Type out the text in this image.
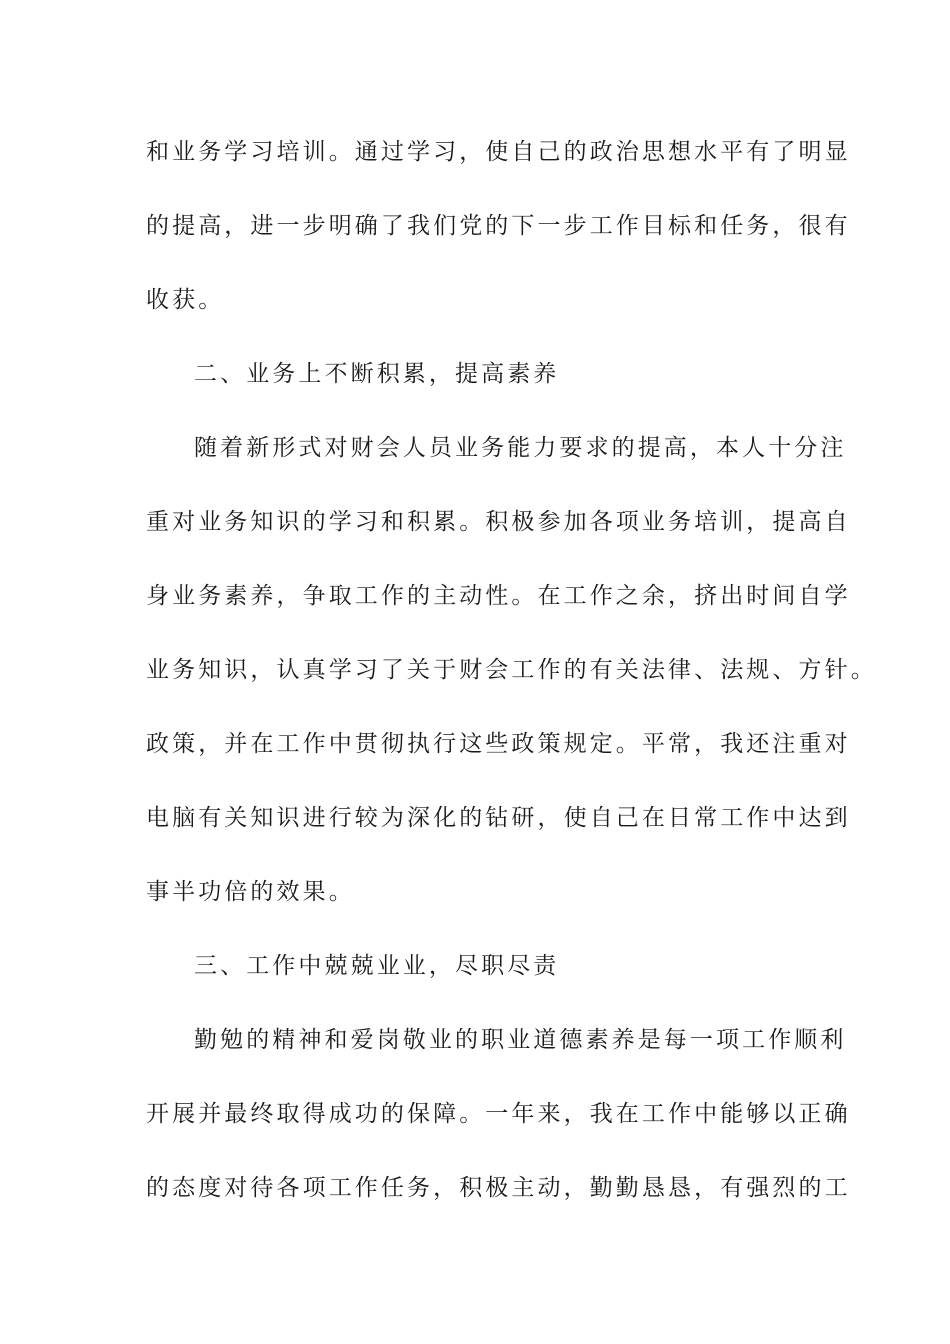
和业务学习培训。通过学习，使自己的政治思想水平有了明显
的提高，进一步明确了我们党的下一步工作目标和任务，很有
收获。
二、业务上不断积累，提高素养
随着新形式对财会人员业务能力要求的提高，本人十分注
重对业务知识的学习和积累。积极参加各项业务培训，提高自
身业务素养，争取工作的主动性。在工作之余，挤出时间自学
业务知识，认真学习了关于财会工作的有关法律、法规、方针。
政策，并在工作中贯彻执行这些政策规定。平常，我还注重对
电脑有关知识进行较为深化的钻研，使自己在日常工作中达到
事半功倍的效果。
三、工作中兢兢业业，尽职尽责
勤勉的精神和爱岗敬业的职业道德素养是每一项工作顺利
开展并最终取得成功的保障。一年来，我在工作中能够以正确
的态度对待各项工作任务，积极主动，勤勤恳恳，有强烈的工
